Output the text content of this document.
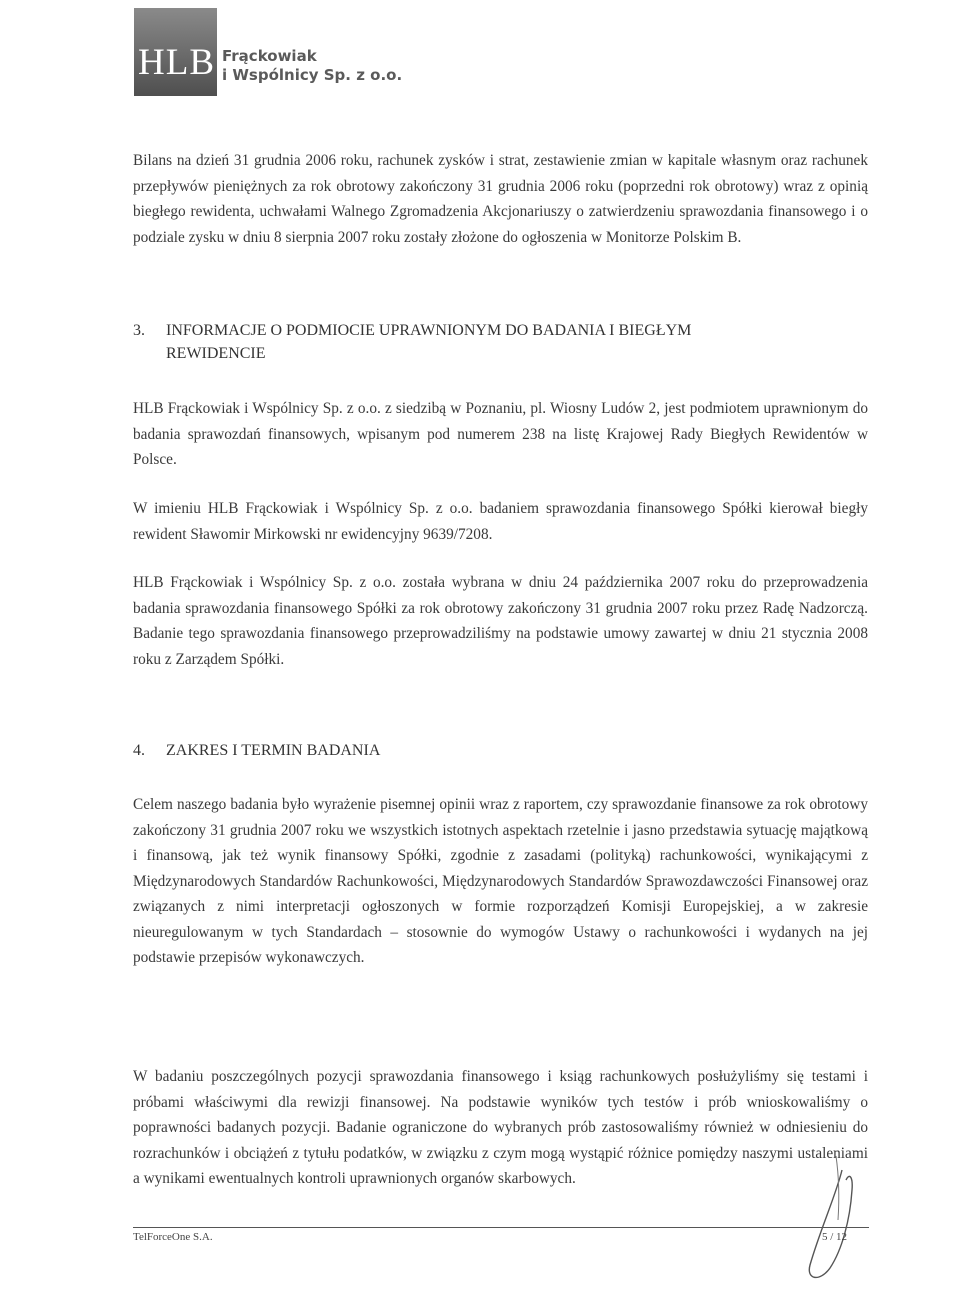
HLB Frąckowiak
i Wspólnicy Sp. z o.o.

Bilans na dzień 31 grudnia 2006 roku, rachunek zysków i strat, zestawienie zmian w kapitale własnym oraz rachunek przepływów pieniężnych za rok obrotowy zakończony 31 grudnia 2006 roku (poprzedni rok obrotowy) wraz z opinią biegłego rewidenta, uchwałami Walnego Zgromadzenia Akcjonariuszy o zatwierdzeniu sprawozdania finansowego i o podziale zysku w dniu 8 sierpnia 2007 roku zostały złożone do ogłoszenia w Monitorze Polskim B.

3. INFORMACJE O PODMIOCIE UPRAWNIONYM DO BADANIA I BIEGŁYM
REWIDENCIE

HLB Frąckowiak i Wspólnicy Sp. z o.o. z siedzibą w Poznaniu, pl. Wiosny Ludów 2, jest podmiotem uprawnionym do badania sprawozdań finansowych, wpisanym pod numerem 238 na listę Krajowej Rady Biegłych Rewidentów w Polsce.

W imieniu HLB Frąckowiak i Wspólnicy Sp. z o.o. badaniem sprawozdania finansowego Spółki kierował biegły rewident Sławomir Mirkowski nr ewidencyjny 9639/7208.

HLB Frąckowiak i Wspólnicy Sp. z o.o. została wybrana w dniu 24 października 2007 roku do przeprowadzenia badania sprawozdania finansowego Spółki za rok obrotowy zakończony 31 grudnia 2007 roku przez Radę Nadzorczą. Badanie tego sprawozdania finansowego przeprowadziliśmy na podstawie umowy zawartej w dniu 21 stycznia 2008 roku z Zarządem Spółki.

4. ZAKRES I TERMIN BADANIA

Celem naszego badania było wyrażenie pisemnej opinii wraz z raportem, czy sprawozdanie finansowe za rok obrotowy zakończony 31 grudnia 2007 roku we wszystkich istotnych aspektach rzetelnie i jasno przedstawia sytuację majątkową i finansową, jak też wynik finansowy Spółki, zgodnie z zasadami (polityką) rachunkowości, wynikającymi z Międzynarodowych Standardów Rachunkowości, Międzynarodowych Standardów Sprawozdawczości Finansowej oraz związanych z nimi interpretacji ogłoszonych w formie rozporządzeń Komisji Europejskiej, a w zakresie nieuregulowanym w tych Standardach – stosownie do wymogów Ustawy o rachunkowości i wydanych na jej podstawie przepisów wykonawczych.

W badaniu poszczególnych pozycji sprawozdania finansowego i ksiąg rachunkowych posłużyliśmy się testami i próbami właściwymi dla rewizji finansowej. Na podstawie wyników tych testów i prób wnioskowaliśmy o poprawności badanych pozycji. Badanie ograniczone do wybranych prób zastosowaliśmy również w odniesieniu do rozrachunków i obciążeń z tytułu podatków, w związku z czym mogą wystąpić różnice pomiędzy naszymi ustaleniami a wynikami ewentualnych kontroli uprawnionych organów skarbowych.

TelForceOne S.A.	5 / 12
